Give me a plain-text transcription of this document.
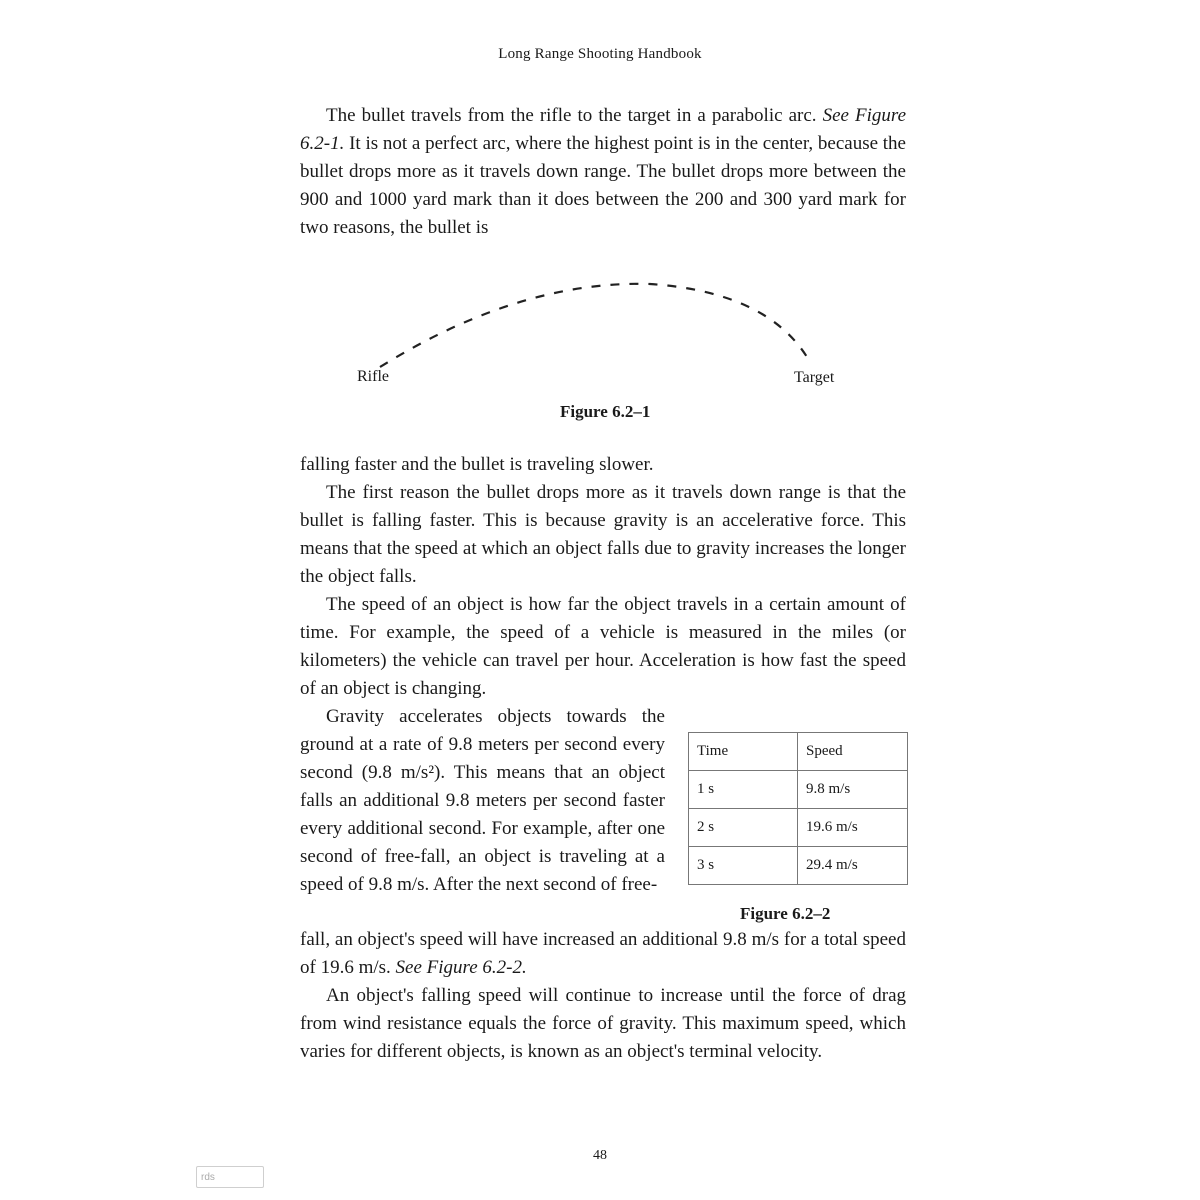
Long Range Shooting Handbook

The bullet travels from the rifle to the target in a parabolic arc. See Figure 6.2-1. It is not a perfect arc, where the highest point is in the center, because the bullet drops more as it travels down range. The bullet drops more between the 900 and 1000 yard mark than it does between the 200 and 300 yard mark for two reasons, the bullet is

Rifle	Target
Figure 6.2–1

falling faster and the bullet is traveling slower.

The first reason the bullet drops more as it travels down range is that the bullet is falling faster. This is because gravity is an accelerative force. This means that the speed at which an object falls due to gravity increases the longer the object falls.

The speed of an object is how far the object travels in a certain amount of time. For example, the speed of a vehicle is measured in the miles (or kilometers) the vehicle can travel per hour. Acceleration is how fast the speed of an object is changing.

Gravity accelerates objects towards the ground at a rate of 9.8 meters per second every second (9.8 m/s²). This means that an object falls an additional 9.8 meters per second faster every additional second. For example, after one second of free-fall, an object is traveling at a speed of 9.8 m/s. After the next second of free-

Time	Speed
1 s	9.8 m/s
2 s	19.6 m/s
3 s	29.4 m/s
Figure 6.2–2

fall, an object's speed will have increased an additional 9.8 m/s for a total speed of 19.6 m/s. See Figure 6.2-2.

An object's falling speed will continue to increase until the force of drag from wind resistance equals the force of gravity. This maximum speed, which varies for different objects, is known as an object's terminal velocity.

48
rds
